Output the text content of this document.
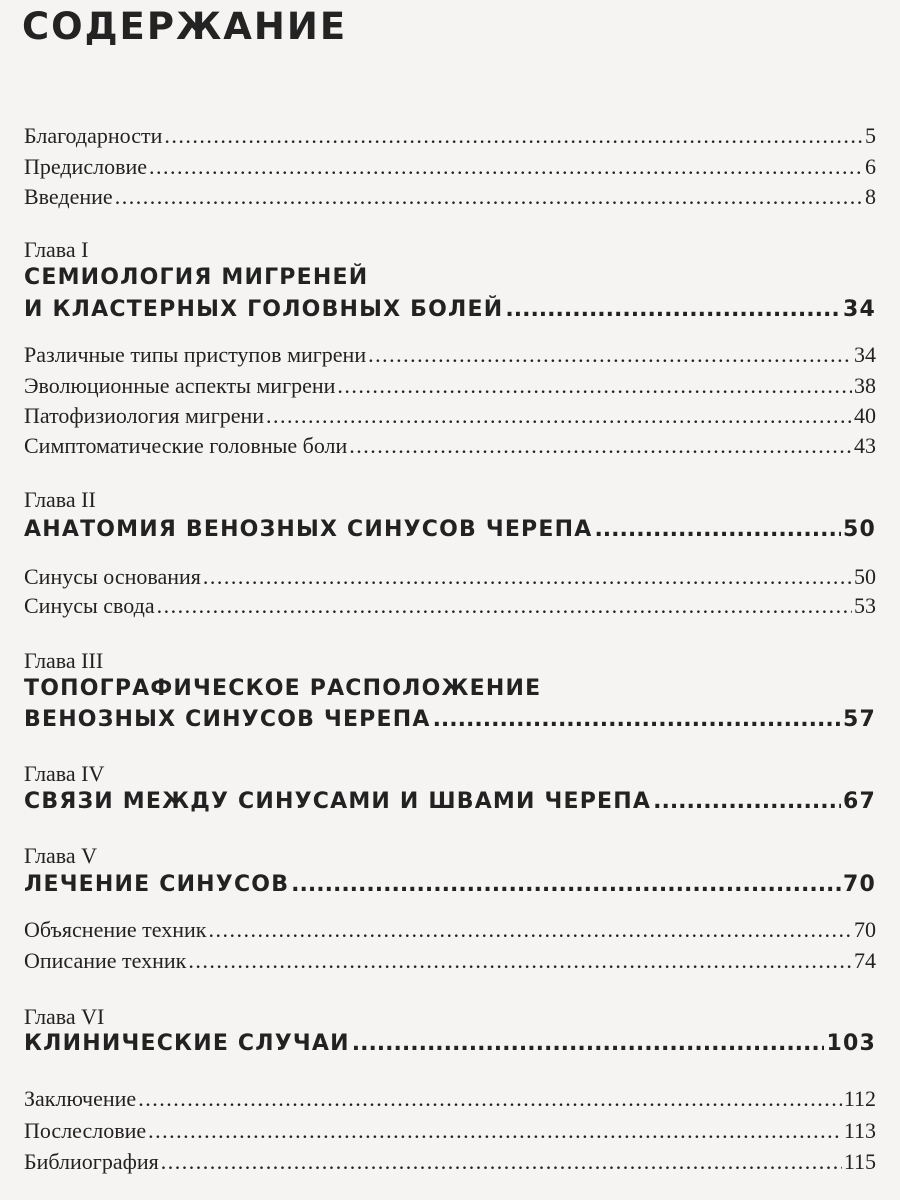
СОДЕРЖАНИЕ
Благодарности .....	5
Предисловие .....	6
Введение .....	8
Глава I
СЕМИОЛОГИЯ МИГРЕНЕЙ
И КЛАСТЕРНЫХ ГОЛОВНЫХ БОЛЕЙ .....	34
Различные типы приступов мигрени .....	34
Эволюционные аспекты мигрени .....	38
Патофизиология мигрени .....	40
Симптоматические головные боли .....	43
Глава II
АНАТОМИЯ ВЕНОЗНЫХ СИНУСОВ ЧЕРЕПА .....	50
Синусы основания .....	50
Синусы свода .....	53
Глава III
ТОПОГРАФИЧЕСКОЕ РАСПОЛОЖЕНИЕ
ВЕНОЗНЫХ СИНУСОВ ЧЕРЕПА .....	57
Глава IV
СВЯЗИ МЕЖДУ СИНУСАМИ И ШВАМИ ЧЕРЕПА .....	67
Глава V
ЛЕЧЕНИЕ СИНУСОВ .....	70
Объяснение техник .....	70
Описание техник .....	74
Глава VI
КЛИНИЧЕСКИЕ СЛУЧАИ .....	103
Заключение .....	112
Послесловие .....	113
Библиография .....	115
